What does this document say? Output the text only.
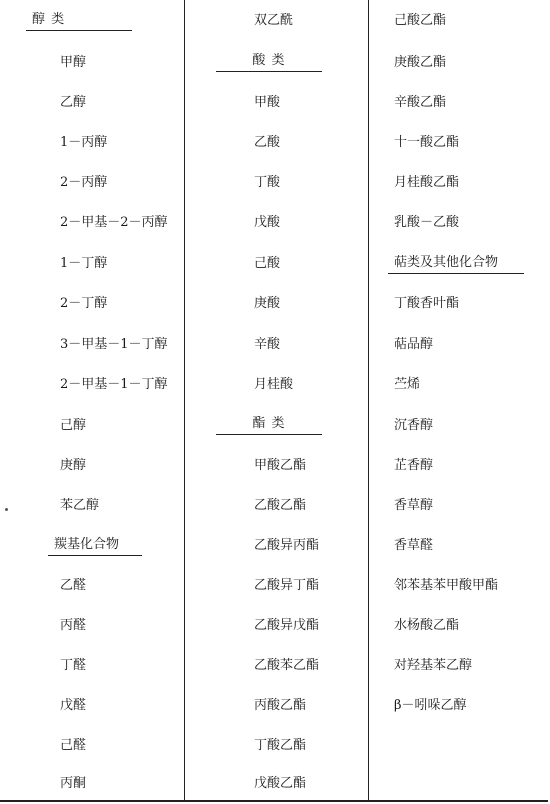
醇 类
甲醇
乙醇
1－丙醇
2－丙醇
2－甲基－2－丙醇
1－丁醇
2－丁醇
3－甲基－1－丁醇
2－甲基－1－丁醇
己醇
庚醇
苯乙醇
羰基化合物
乙醛
丙醛
丁醛
戊醛
己醛
丙酮
双乙酰
酸 类
甲酸
乙酸
丁酸
戊酸
己酸
庚酸
辛酸
月桂酸
酯 类
甲酸乙酯
乙酸乙酯
乙酸异丙酯
乙酸异丁酯
乙酸异戊酯
乙酸苯乙酯
丙酸乙酯
丁酸乙酯
戊酸乙酯
己酸乙酯
庚酸乙酯
辛酸乙酯
十一酸乙酯
月桂酸乙酯
乳酸－乙酸
萜类及其他化合物
丁酸香叶酯
萜品醇
苎烯
沉香醇
芷香醇
香草醇
香草醛
邻苯基苯甲酸甲酯
水杨酸乙酯
对羟基苯乙醇
β－吲哚乙醇
